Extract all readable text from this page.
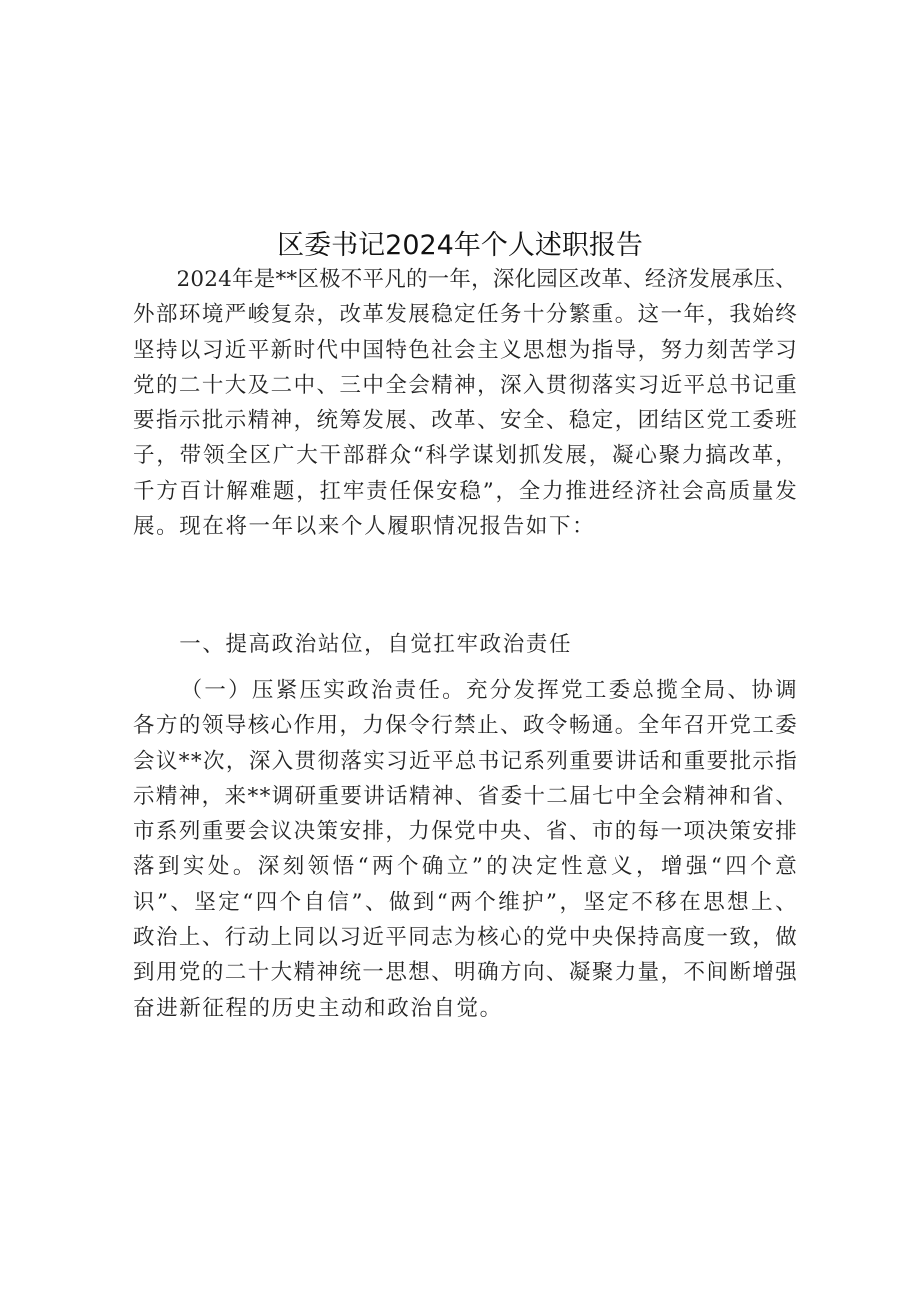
区委书记2024年个人述职报告

2 0 2 4 年 是 * * 区 极 不 平 凡 的 一 年 ， 深 化 园 区 改 革 、 经 济 发 展 承 压 、
外 部 环 境 严 峻 复 杂 ， 改 革 发 展 稳 定 任 务 十 分 繁 重 。 这 一 年 ， 我 始 终
坚 持 以 习 近 平 新 时 代 中 国 特 色 社 会 主 义 思 想 为 指 导 ， 努 力 刻 苦 学 习
党 的 二 十 大 及 二 中 、 三 中 全 会 精 神 ， 深 入 贯 彻 落 实 习 近 平 总 书 记 重
要 指 示 批 示 精 神 ， 统 筹 发 展 、 改 革 、 安 全 、 稳 定 ， 团 结 区 党 工 委 班
子 ， 带 领 全 区 广 大 干 部 群 众 “ 科 学 谋 划 抓 发 展 ， 凝 心 聚 力 搞 改 革 ，
千 方 百 计 解 难 题 ， 扛 牢 责 任 保 安 稳 ” ， 全 力 推 进 经 济 社 会 高 质 量 发
展 。 现 在 将 一 年 以 来 个 人 履 职 情 况 报 告 如 下 ：

一 、 提 高 政 治 站 位 ， 自 觉 扛 牢 政 治 责 任

（ 一 ） 压 紧 压 实 政 治 责 任 。 充 分 发 挥 党 工 委 总 揽 全 局 、 协 调
各 方 的 领 导 核 心 作 用 ， 力 保 令 行 禁 止 、 政 令 畅 通 。 全 年 召 开 党 工 委
会 议 * * 次 ， 深 入 贯 彻 落 实 习 近 平 总 书 记 系 列 重 要 讲 话 和 重 要 批 示 指
示 精 神 ， 来 * * 调 研 重 要 讲 话 精 神 、 省 委 十 二 届 七 中 全 会 精 神 和 省 、
市 系 列 重 要 会 议 决 策 安 排 ， 力 保 党 中 央 、 省 、 市 的 每 一 项 决 策 安 排
落 到 实 处 。 深 刻 领 悟 “ 两 个 确 立 ” 的 决 定 性 意 义 ， 增 强 “ 四 个 意
识 ” 、 坚 定 “ 四 个 自 信 ” 、 做 到 “ 两 个 维 护 ” ， 坚 定 不 移 在 思 想 上 、
政 治 上 、 行 动 上 同 以 习 近 平 同 志 为 核 心 的 党 中 央 保 持 高 度 一 致 ， 做
到 用 党 的 二 十 大 精 神 统 一 思 想 、 明 确 方 向 、 凝 聚 力 量 ， 不 间 断 增 强
奋 进 新 征 程 的 历 史 主 动 和 政 治 自 觉 。
